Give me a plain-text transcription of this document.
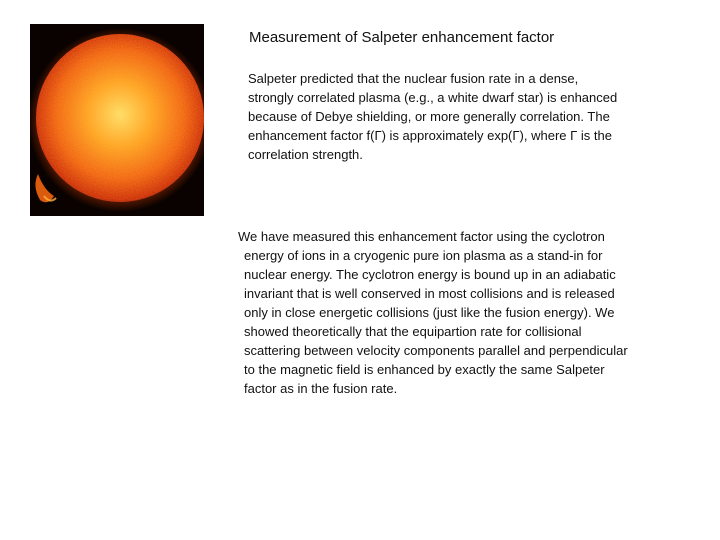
Measurement of Salpeter enhancement factor

Salpeter predicted that the nuclear fusion rate in a dense,
strongly correlated plasma (e.g., a white dwarf star) is enhanced
because of Debye shielding, or more generally correlation. The
enhancement factor f(Γ) is approximately exp(Γ), where Γ is the
correlation strength.

We have measured this enhancement factor using the cyclotron
energy of ions in a cryogenic pure ion plasma as a stand-in for
nuclear energy. The cyclotron energy is bound up in an adiabatic
invariant that is well conserved in most collisions and is released
only in close energetic collisions (just like the fusion energy). We
showed theoretically that the equipartion rate for collisional
scattering between velocity components parallel and perpendicular
to the magnetic field is enhanced by exactly the same Salpeter
factor as in the fusion rate.
